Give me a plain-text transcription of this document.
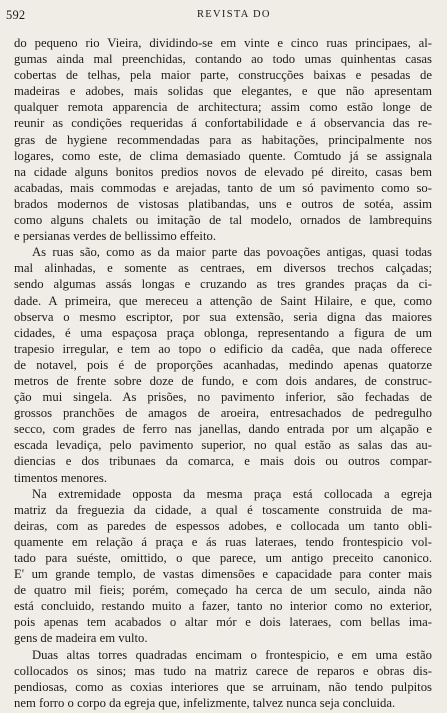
592	REVISTA DO
do pequeno rio Vieira, dividindo-se em vinte e cinco ruas principaes, al-
gumas ainda mal preenchidas, contando ao todo umas quinhentas casas
cobertas de telhas, pela maior parte, construcções baixas e pesadas de
madeiras e adobes, mais solidas que elegantes, e que não apresentam
qualquer remota apparencia de architectura; assim como estão longe de
reunir as condições requeridas á confortabilidade e á observancia das re-
gras de hygiene recommendadas para as habitações, principalmente nos
logares, como este, de clima demasiado quente. Comtudo já se assignala
na cidade alguns bonitos predios novos de elevado pé direito, casas bem
acabadas, mais commodas e arejadas, tanto de um só pavimento como so-
brados modernos de vistosas platibandas, uns e outros de sotéa, assim
como alguns chalets ou imitação de tal modelo, ornados de lambrequins
e persianas verdes de bellissimo effeito.
As ruas são, como as da maior parte das povoações antigas, quasi todas
mal alinhadas, e somente as centraes, em diversos trechos calçadas;
sendo algumas assás longas e cruzando as tres grandes praças da ci-
dade. A primeira, que mereceu a attenção de Saint Hilaire, e que, como
observa o mesmo escriptor, por sua extensão, seria digna das maiores
cidades, é uma espaçosa praça oblonga, representando a figura de um
trapesio irregular, e tem ao topo o edificio da cadêa, que nada offerece
de notavel, pois é de proporções acanhadas, medindo apenas quatorze
metros de frente sobre doze de fundo, e com dois andares, de construc-
ção mui singela. As prisões, no pavimento inferior, são fechadas de
grossos pranchões de amagos de aroeira, entresachados de pedregulho
secco, com grades de ferro nas janellas, dando entrada por um alçapão e
escada levadiça, pelo pavimento superior, no qual estão as salas das au-
diencias e dos tribunaes da comarca, e mais dois ou outros compar-
timentos menores.
Na extremidade opposta da mesma praça está collocada a egreja
matriz da freguezia da cidade, a qual é toscamente construida de ma-
deiras, com as paredes de espessos adobes, e collocada um tanto obli-
quamente em relação á praça e ás ruas lateraes, tendo frontespicio vol-
tado para suéste, omittido, o que parece, um antigo preceito canonico.
E' um grande templo, de vastas dimensões e capacidade para conter mais
de quatro mil fieis; porém, começado ha cerca de um seculo, ainda não
está concluido, restando muito a fazer, tanto no interior como no exterior,
pois apenas tem acabados o altar mór e dois lateraes, com bellas ima-
gens de madeira em vulto.
Duas altas torres quadradas encimam o frontespicio, e em uma estão
collocados os sinos; mas tudo na matriz carece de reparos e obras dis-
pendiosas, como as coxias interiores que se arruinam, não tendo pulpitos
nem forro o corpo da egreja que, infelizmente, talvez nunca seja concluida.
